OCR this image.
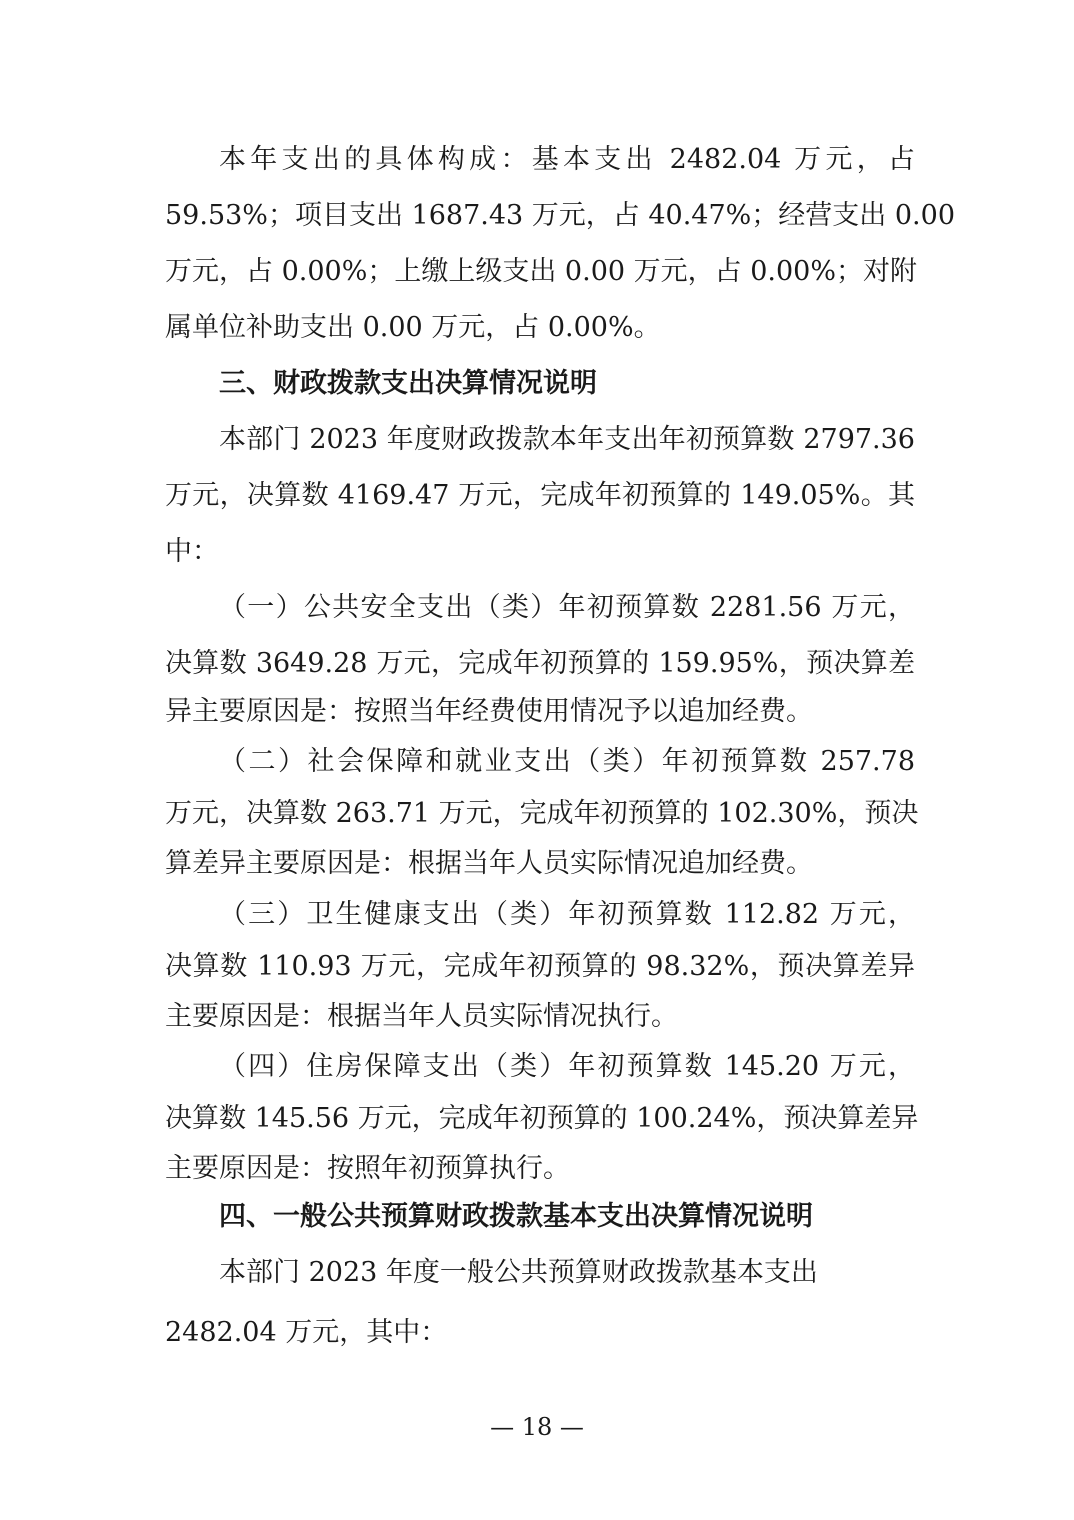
本年支出的具体构成：基本支出 2482.04 万元，占
59.53%；项目支出 1687.43 万元，占 40.47%；经营支出 0.00
万元，占 0.00%；上缴上级支出 0.00 万元，占 0.00%；对附
属单位补助支出 0.00 万元，占 0.00%。
三、财政拨款支出决算情况说明
本部门 2023 年度财政拨款本年支出年初预算数 2797.36
万元，决算数 4169.47 万元，完成年初预算的 149.05%。其
中：
（一）公共安全支出（类）年初预算数 2281.56 万元，
决算数 3649.28 万元，完成年初预算的 159.95%，预决算差
异主要原因是：按照当年经费使用情况予以追加经费。
（二）社会保障和就业支出（类）年初预算数 257.78
万元，决算数 263.71 万元，完成年初预算的 102.30%，预决
算差异主要原因是：根据当年人员实际情况追加经费。
（三）卫生健康支出（类）年初预算数 112.82 万元，
决算数 110.93 万元，完成年初预算的 98.32%，预决算差异
主要原因是：根据当年人员实际情况执行。
（四）住房保障支出（类）年初预算数 145.20 万元，
决算数 145.56 万元，完成年初预算的 100.24%，预决算差异
主要原因是：按照年初预算执行。
四、一般公共预算财政拨款基本支出决算情况说明
本部门 2023 年度一般公共预算财政拨款基本支出
2482.04 万元，其中：
— 18 —
